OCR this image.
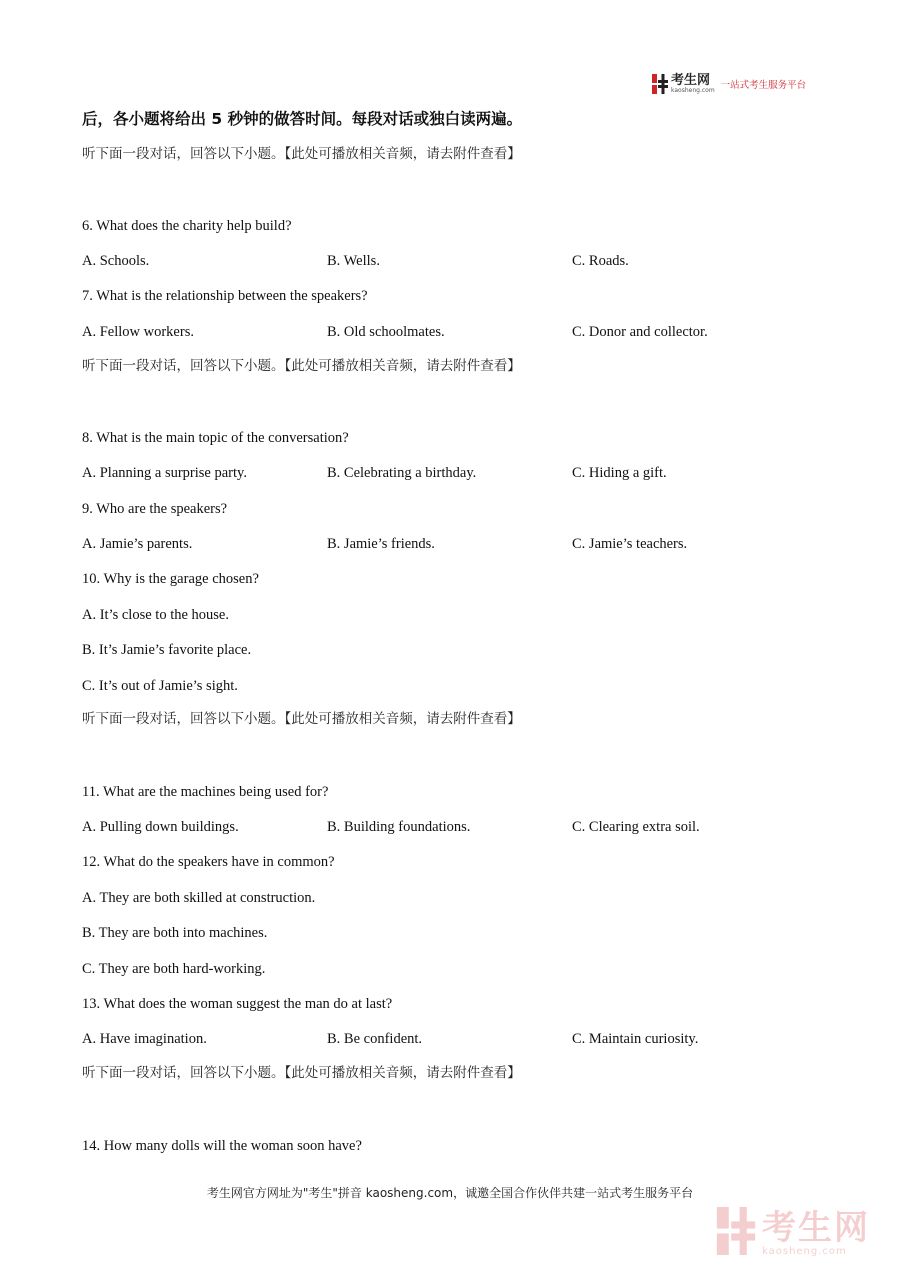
考生网
kaosheng.com 一站式考生服务平台
后，各小题将给出 5 秒钟的做答时间。每段对话或独白读两遍。
听下面一段对话，回答以下小题。【此处可播放相关音频，请去附件查看】
6. What does the charity help build?
A. Schools.	B. Wells.	C. Roads.
7. What is the relationship between the speakers?
A. Fellow workers.	B. Old schoolmates.	C. Donor and collector.
听下面一段对话，回答以下小题。【此处可播放相关音频，请去附件查看】
8. What is the main topic of the conversation?
A. Planning a surprise party.	B. Celebrating a birthday.	C. Hiding a gift.
9. Who are the speakers?
A. Jamie’s parents.	B. Jamie’s friends.	C. Jamie’s teachers.
10. Why is the garage chosen?
A. It’s close to the house.
B. It’s Jamie’s favorite place.
C. It’s out of Jamie’s sight.
听下面一段对话，回答以下小题。【此处可播放相关音频，请去附件查看】
11. What are the machines being used for?
A. Pulling down buildings.	B. Building foundations.	C. Clearing extra soil.
12. What do the speakers have in common?
A. They are both skilled at construction.
B. They are both into machines.
C. They are both hard-working.
13. What does the woman suggest the man do at last?
A. Have imagination.	B. Be confident.	C. Maintain curiosity.
听下面一段对话，回答以下小题。【此处可播放相关音频，请去附件查看】
14. How many dolls will the woman soon have?
考生网官方网址为"考生"拼音 kaosheng.com，诚邀全国合作伙伴共建一站式考生服务平台
考生网
kaosheng.com
